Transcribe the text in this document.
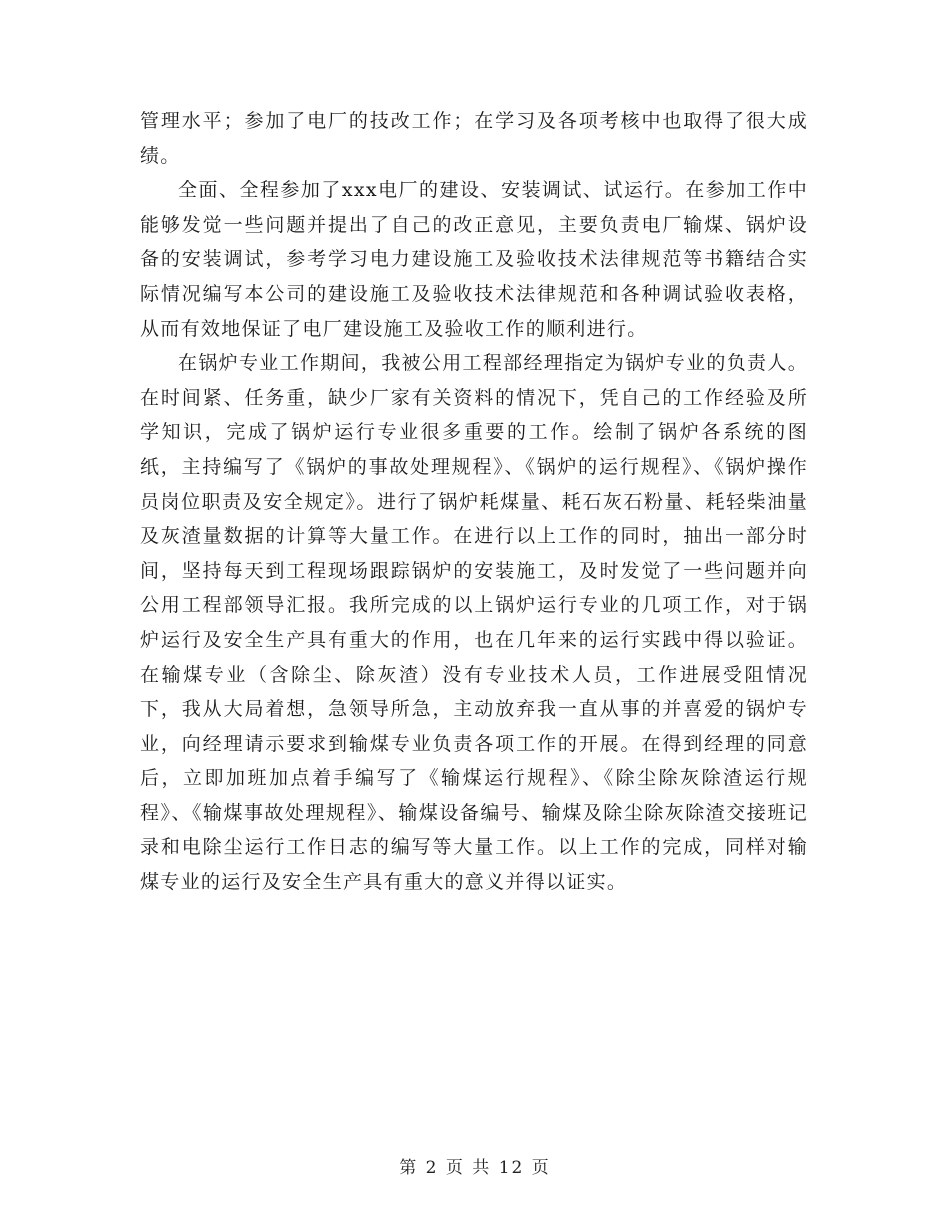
管理水平；参加了电厂的技改工作；在学习及各项考核中也取得了很大成绩。

全面、全程参加了xxx电厂的建设、安装调试、试运行。在参加工作中能够发觉一些问题并提出了自己的改正意见，主要负责电厂输煤、锅炉设备的安装调试，参考学习电力建设施工及验收技术法律规范等书籍结合实际情况编写本公司的建设施工及验收技术法律规范和各种调试验收表格，从而有效地保证了电厂建设施工及验收工作的顺利进行。

在锅炉专业工作期间，我被公用工程部经理指定为锅炉专业的负责人。在时间紧、任务重，缺少厂家有关资料的情况下，凭自己的工作经验及所学知识，完成了锅炉运行专业很多重要的工作。绘制了锅炉各系统的图纸，主持编写了《锅炉的事故处理规程》、《锅炉的运行规程》、《锅炉操作员岗位职责及安全规定》。进行了锅炉耗煤量、耗石灰石粉量、耗轻柴油量及灰渣量数据的计算等大量工作。在进行以上工作的同时，抽出一部分时间，坚持每天到工程现场跟踪锅炉的安装施工，及时发觉了一些问题并向公用工程部领导汇报。我所完成的以上锅炉运行专业的几项工作，对于锅炉运行及安全生产具有重大的作用，也在几年来的运行实践中得以验证。在输煤专业（含除尘、除灰渣）没有专业技术人员，工作进展受阻情况下，我从大局着想，急领导所急，主动放弃我一直从事的并喜爱的锅炉专业，向经理请示要求到输煤专业负责各项工作的开展。在得到经理的同意后，立即加班加点着手编写了《输煤运行规程》、《除尘除灰除渣运行规程》、《输煤事故处理规程》、输煤设备编号、输煤及除尘除灰除渣交接班记录和电除尘运行工作日志的编写等大量工作。以上工作的完成，同样对输煤专业的运行及安全生产具有重大的意义并得以证实。

第 2 页 共 12 页
